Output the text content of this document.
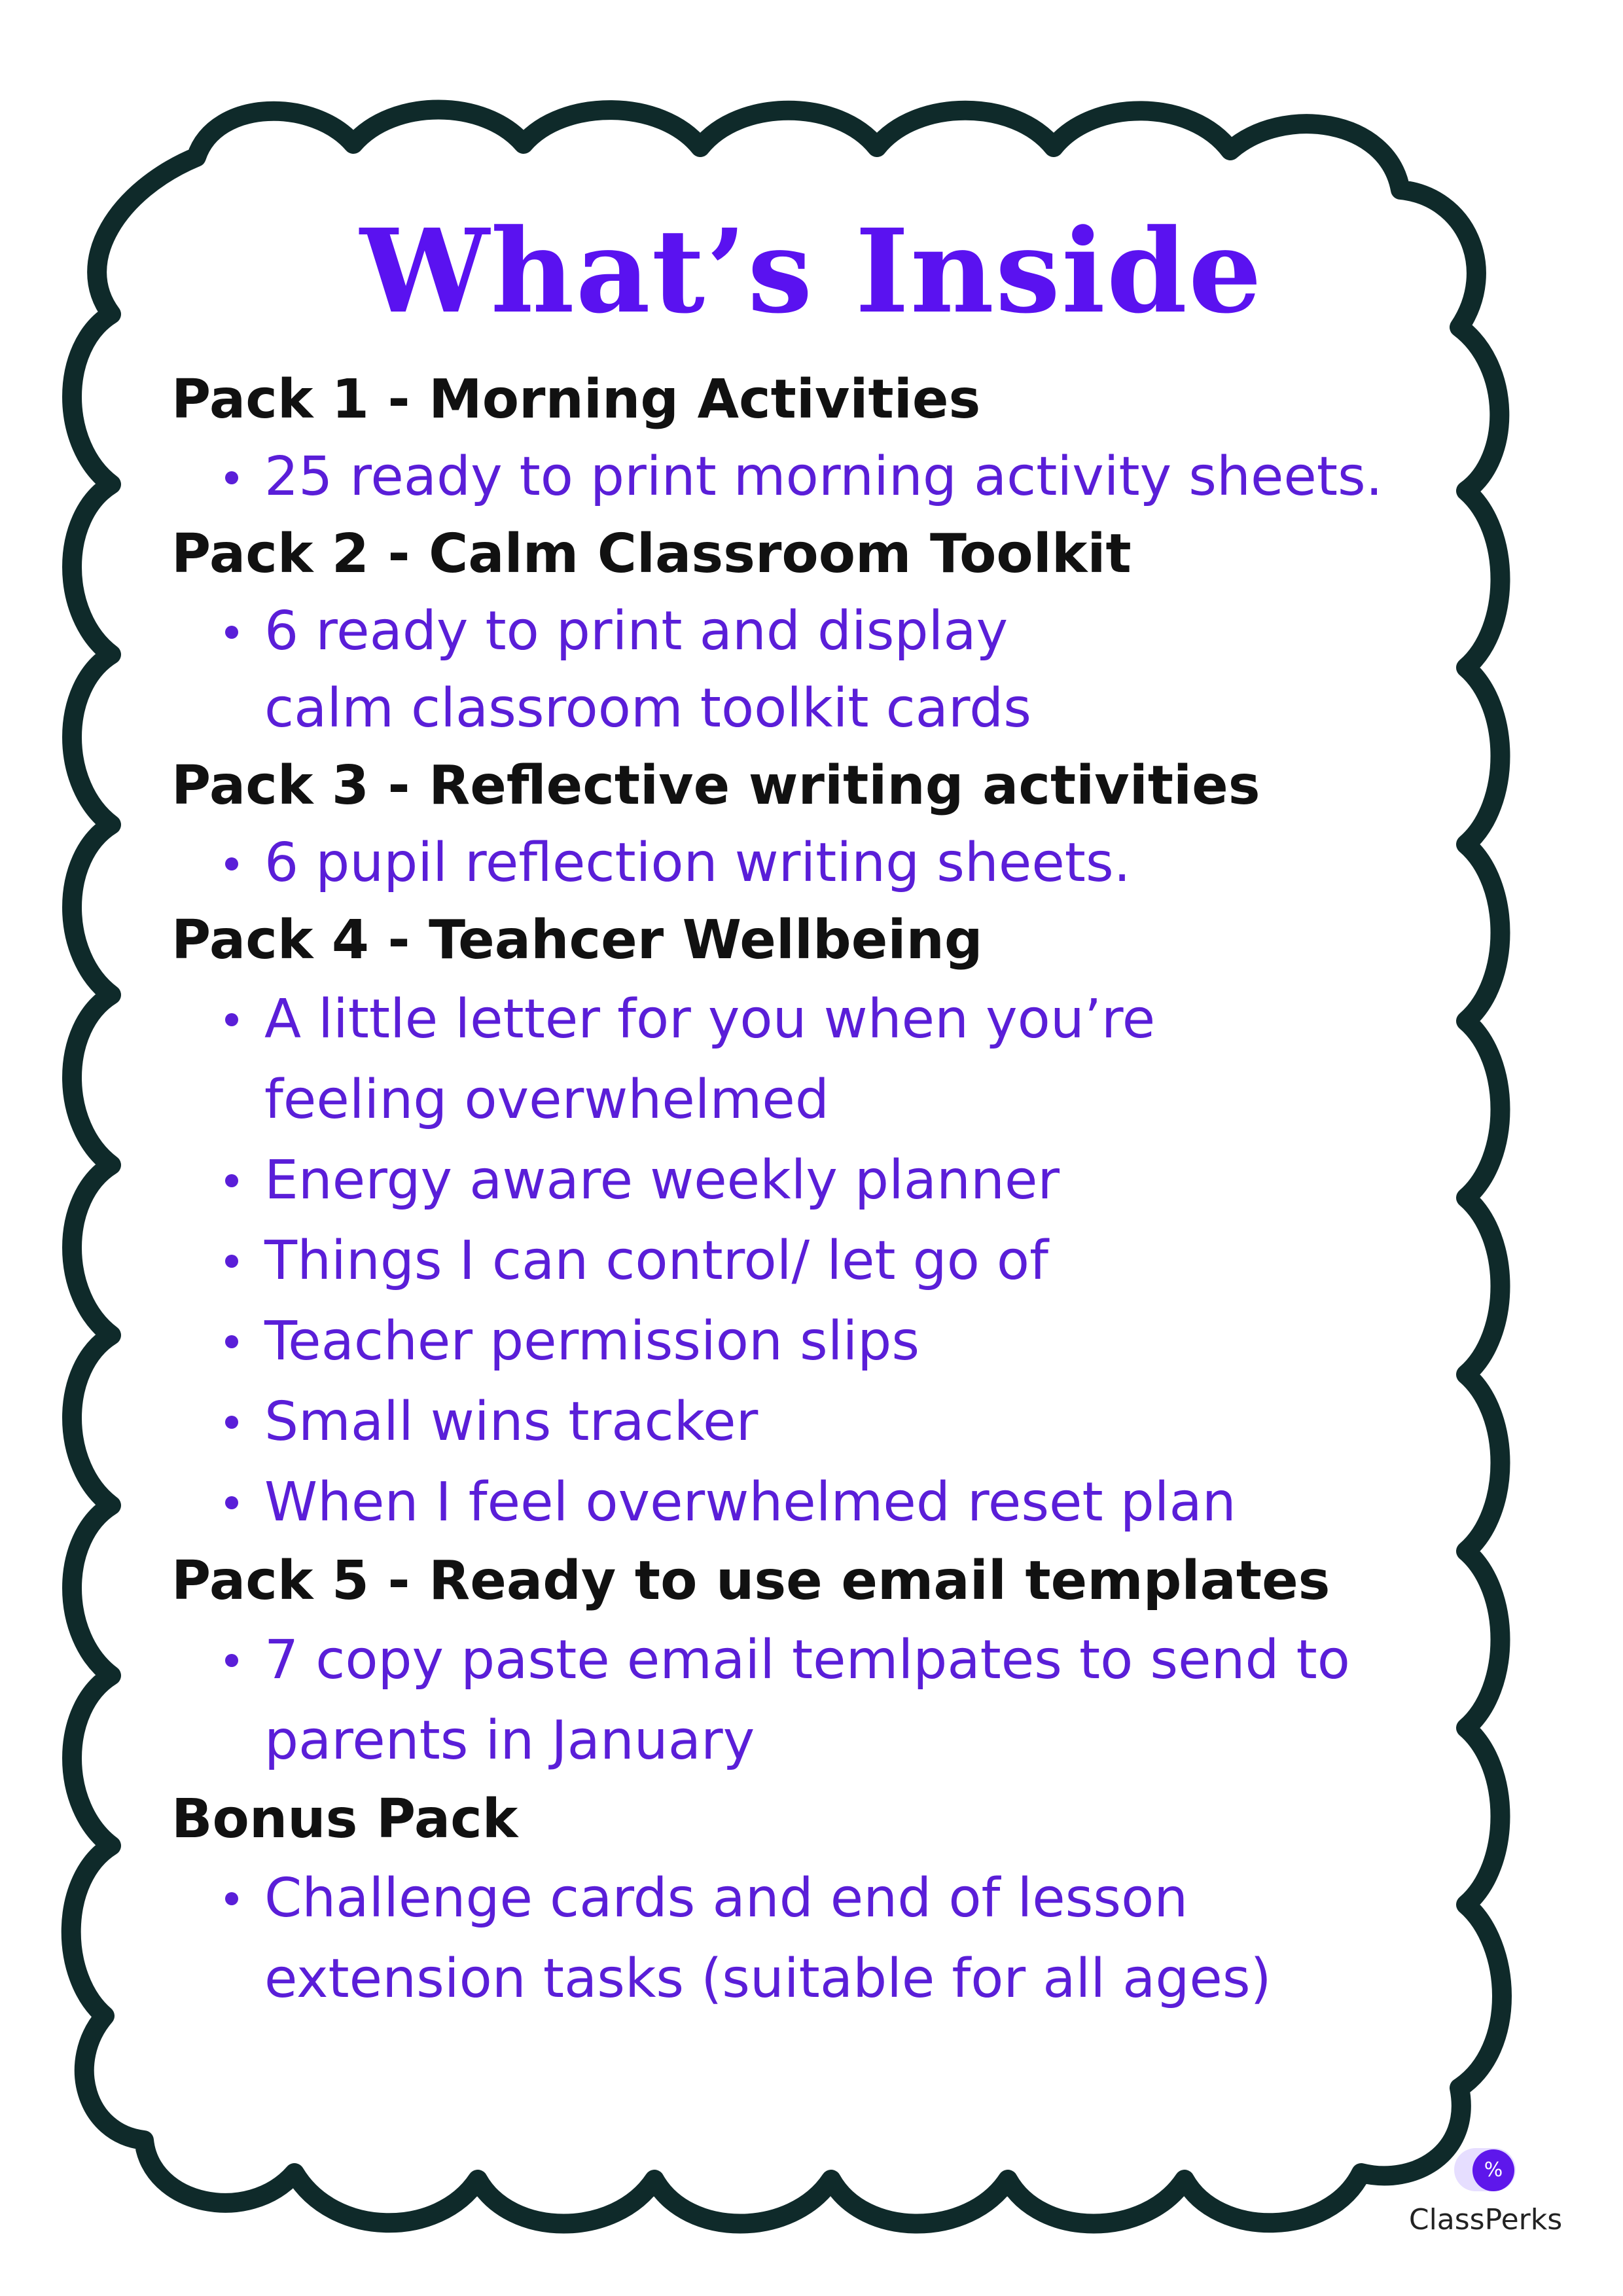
What’s Inside

Pack 1 - Morning Activities

25 ready to print morning activity sheets.

Pack 2 - Calm Classroom Toolkit

6 ready to print and display calm classroom toolkit cards

Pack 3 - Reflective writing activities

6 pupil reflection writing sheets.

Pack 4 - Teahcer Wellbeing

A little letter for you when you’re feeling overwhelmed
Energy aware weekly planner
Things I can control/ let go of
Teacher permission slips
Small wins tracker
When I feel overwhelmed reset plan

Pack 5 - Ready to use email templates

7 copy paste email temlpates to send to parents in January

Bonus Pack

Challenge cards and end of lesson extension tasks (suitable for all ages)
%
ClassPerks
